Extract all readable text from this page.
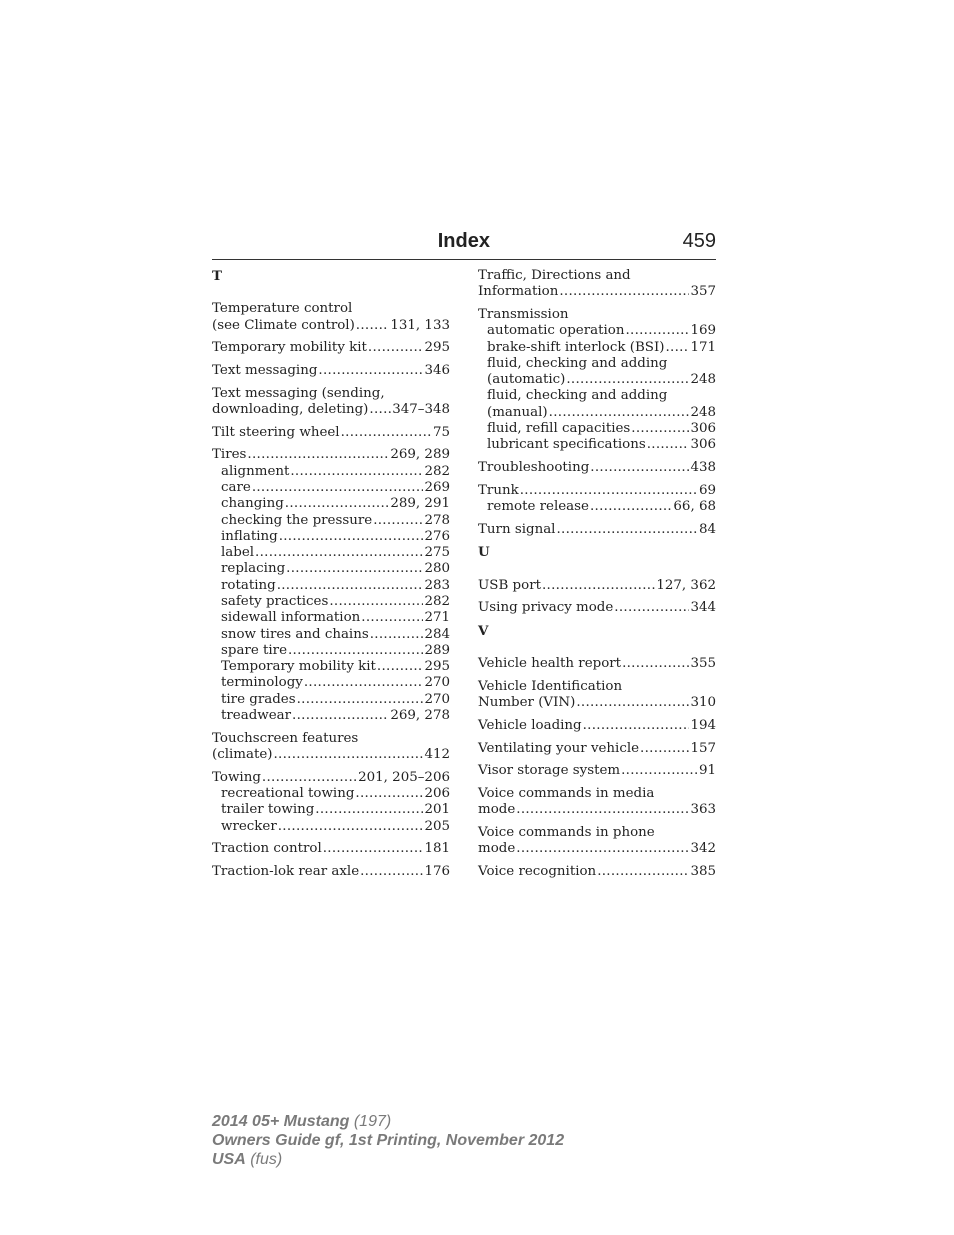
Index	459
T
Temperature control
(see Climate control) .....	131, 133
Temporary mobility kit .....	295
Text messaging .....	346
Text messaging (sending,
downloading, deleting) ..... 347–348
Tilt steering wheel .....	75
Tires .....	269, 289
alignment .....	282
care .....	269
changing .....	289, 291
checking the pressure .....	278
inflating .....	276
label .....	275
replacing .....	280
rotating .....	283
safety practices .....	282
sidewall information .....	271
snow tires and chains .....	284
spare tire .....	289
Temporary mobility kit .....	295
terminology .....	270
tire grades .....	270
treadwear .....	269, 278
Touchscreen features
(climate) .....	412
Towing .....	201, 205–206
recreational towing .....	206
trailer towing .....	201
wrecker .....	205
Traction control .....	181
Traction-lok rear axle .....	176
Traffic, Directions and
Information .....	357
Transmission
automatic operation .....	169
brake-shift interlock (BSI) ..... 171
fluid, checking and adding
(automatic) .....	248
fluid, checking and adding
(manual) .....	248
fluid, refill capacities .....	306
lubricant specifications .....	306
Troubleshooting .....	438
Trunk .....	69
remote release .....	66, 68
Turn signal .....	84
U
USB port .....	127, 362
Using privacy mode .....	344
V
Vehicle health report .....	355
Vehicle Identification
Number (VIN) .....	310
Vehicle loading .....	194
Ventilating your vehicle .....	157
Visor storage system .....	91
Voice commands in media
mode .....	363
Voice commands in phone
mode .....	342
Voice recognition .....	385
2014 05+ Mustang (197)
Owners Guide gf, 1st Printing, November 2012
USA (fus)
